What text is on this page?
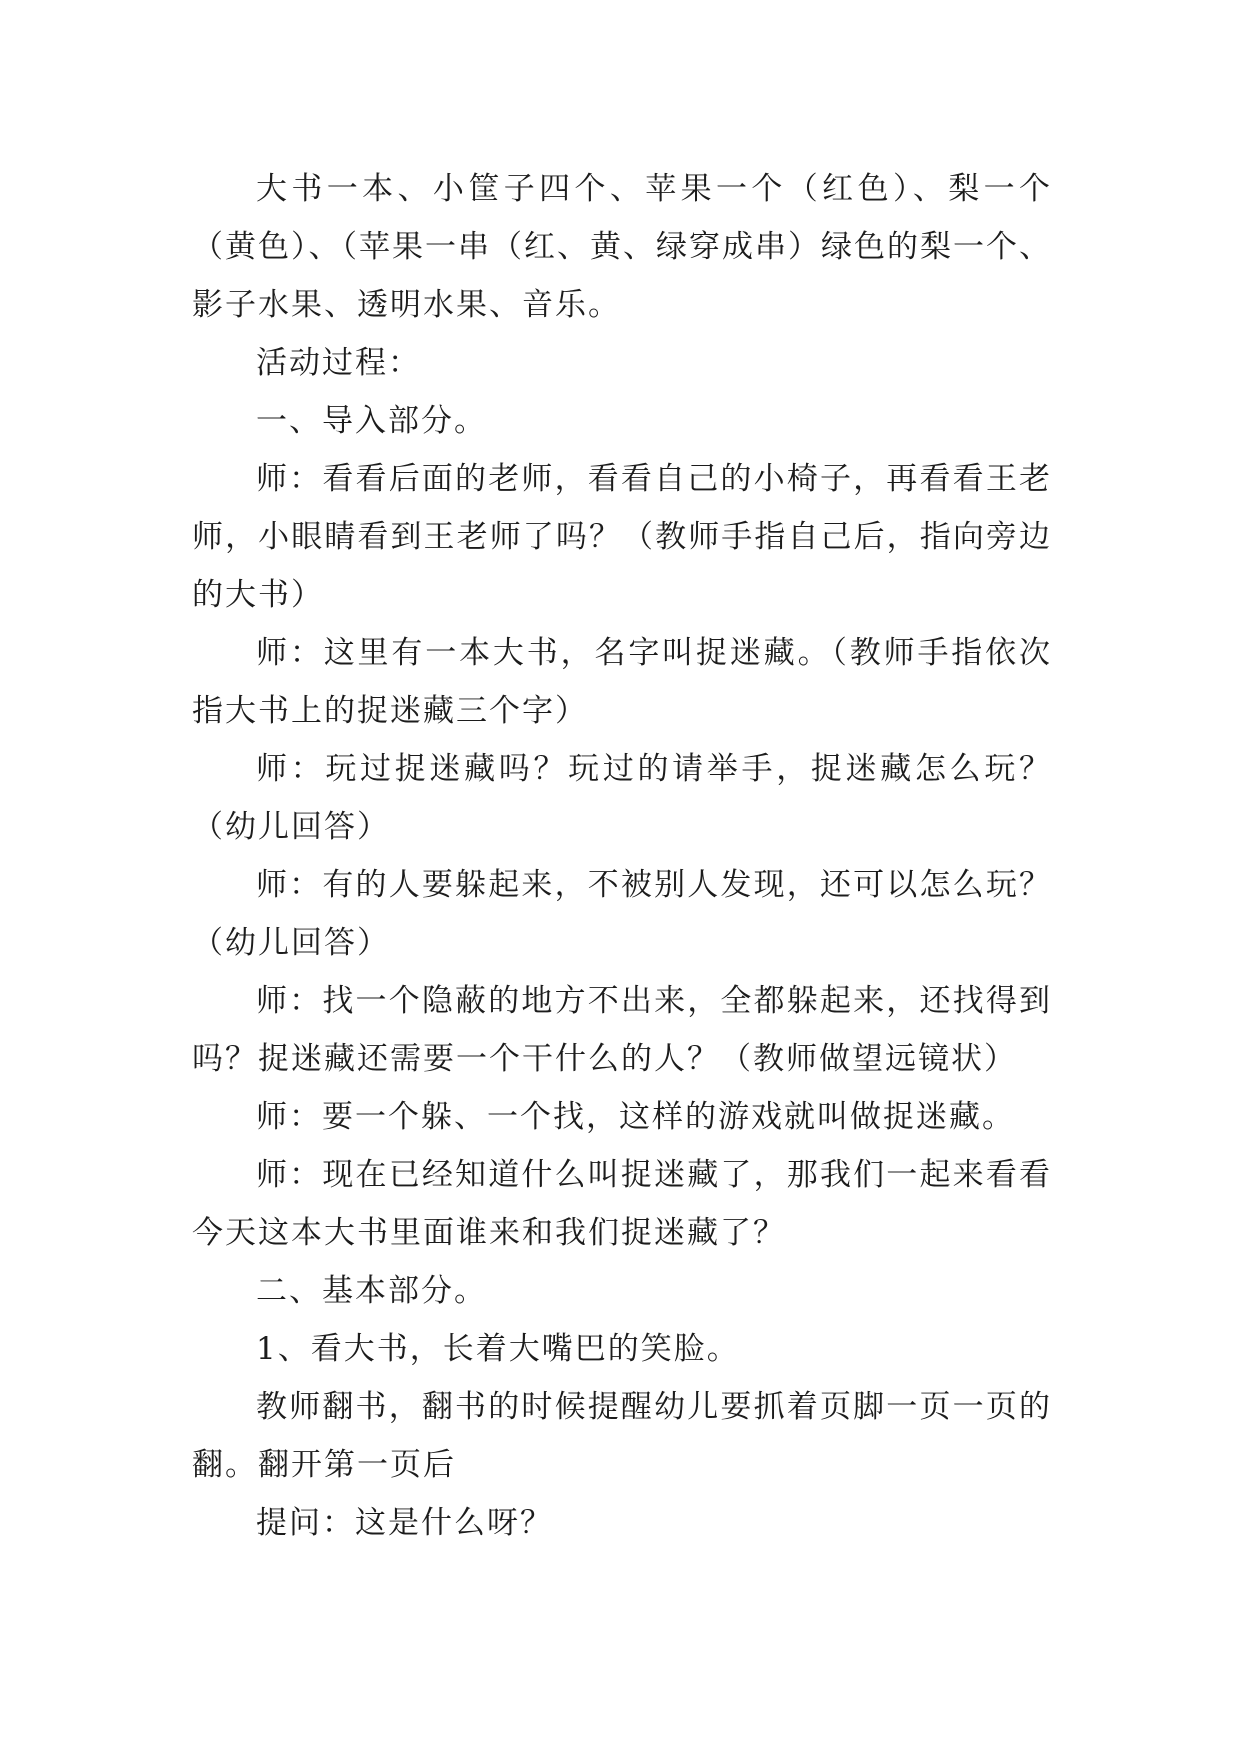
大书一本、小筐子四个、苹果一个（红色）、梨一个（黄色）、（苹果一串（红、黄、绿穿成串）绿色的梨一个、影子水果、透明水果、音乐。

活动过程：

一、导入部分。

师：看看后面的老师，看看自己的小椅子，再看看王老师，小眼睛看到王老师了吗？（教师手指自己后，指向旁边的大书）

师：这里有一本大书，名字叫捉迷藏。（教师手指依次指大书上的捉迷藏三个字）

师：玩过捉迷藏吗？玩过的请举手，捉迷藏怎么玩？（幼儿回答）

师：有的人要躲起来，不被别人发现，还可以怎么玩？（幼儿回答）

师：找一个隐蔽的地方不出来，全都躲起来，还找得到吗？捉迷藏还需要一个干什么的人？（教师做望远镜状）

师：要一个躲、一个找，这样的游戏就叫做捉迷藏。

师：现在已经知道什么叫捉迷藏了，那我们一起来看看今天这本大书里面谁来和我们捉迷藏了？

二、基本部分。

1、看大书，长着大嘴巴的笑脸。

教师翻书，翻书的时候提醒幼儿要抓着页脚一页一页的翻。翻开第一页后

提问：这是什么呀？
